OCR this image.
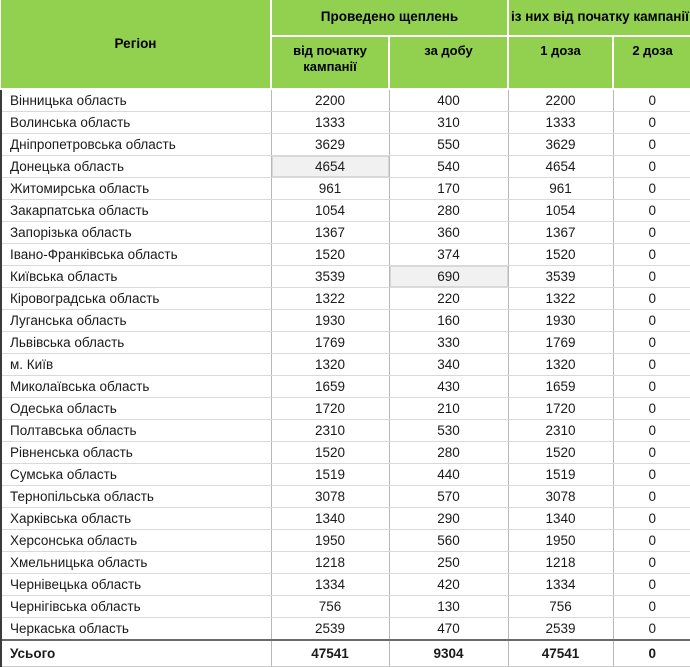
Регіон	Проведено щеплень		із них від початку кампанії	
	від початку кампанії	за добу	1 доза	2 доза
Вінницька область	2200	400	2200	0
Волинська область	1333	310	1333	0
Дніпропетровська область	3629	550	3629	0
Донецька область	4654	540	4654	0
Житомирська область	961	170	961	0
Закарпатська область	1054	280	1054	0
Запорізька область	1367	360	1367	0
Івано-Франківська область	1520	374	1520	0
Київська область	3539	690	3539	0
Кіровоградська область	1322	220	1322	0
Луганська область	1930	160	1930	0
Львівська область	1769	330	1769	0
м. Київ	1320	340	1320	0
Миколаївська область	1659	430	1659	0
Одеська область	1720	210	1720	0
Полтавська область	2310	530	2310	0
Рівненська область	1520	280	1520	0
Сумська область	1519	440	1519	0
Тернопільська область	3078	570	3078	0
Харківська область	1340	290	1340	0
Херсонська область	1950	560	1950	0
Хмельницька область	1218	250	1218	0
Чернівецька область	1334	420	1334	0
Чернігівська область	756	130	756	0
Черкаська область	2539	470	2539	0
Усього	47541	9304	47541	0
